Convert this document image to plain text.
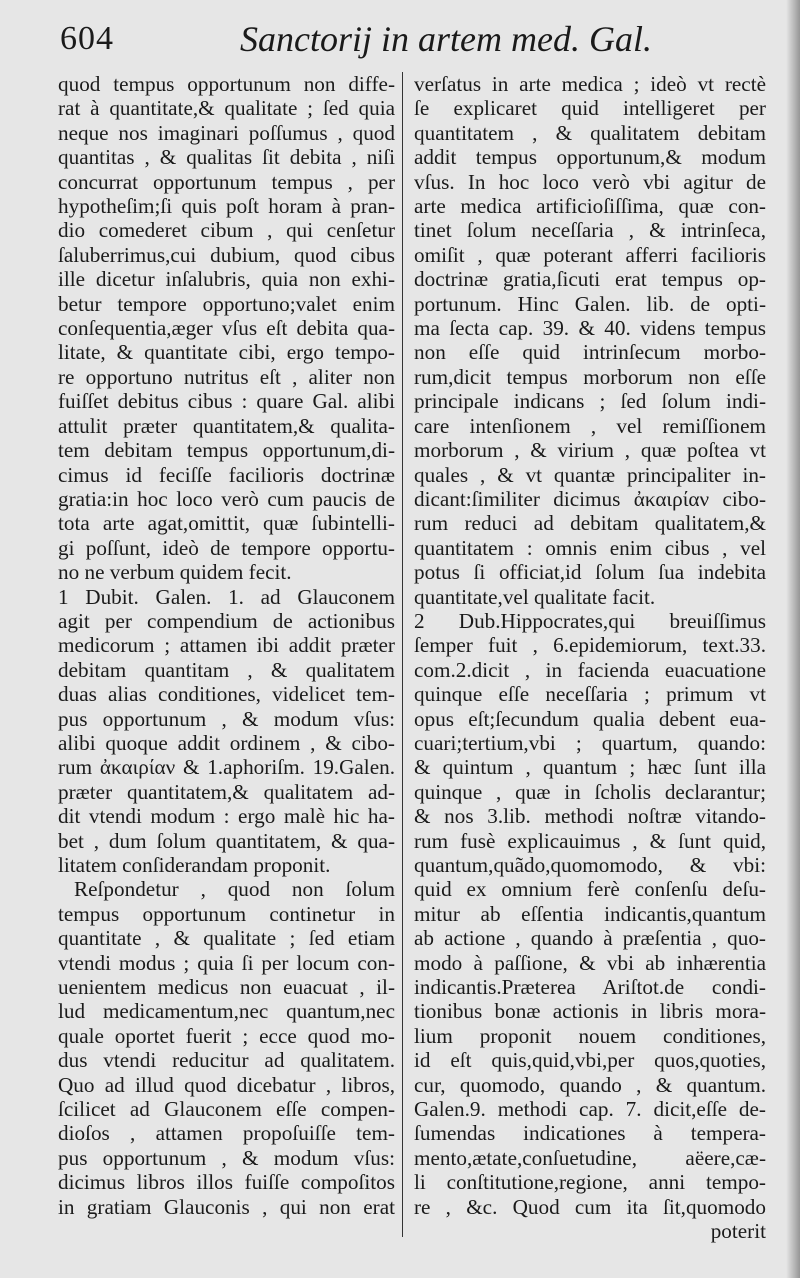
604	Sanctorij in artem med. Gal.
quod tempus opportunum non diffe-
rat à quantitate,& qualitate ; ſed quia
neque nos imaginari poſſumus , quod
quantitas , & qualitas ſit debita , niſi
concurrat opportunum tempus , per
hypotheſim;ſi quis poſt horam à pran-
dio comederet cibum , qui cenſetur
ſaluberrimus,cui dubium, quod cibus
ille dicetur inſalubris, quia non exhi-
betur tempore opportuno;valet enim
conſequentia,æger vſus eſt debita qua-
litate, & quantitate cibi, ergo tempo-
re opportuno nutritus eſt , aliter non
fuiſſet debitus cibus : quare Gal. alibi
attulit præter quantitatem,& qualita-
tem debitam tempus opportunum,di-
cimus id feciſſe facilioris doctrinæ
gratia:in hoc loco verò cum paucis de
tota arte agat,omittit, quæ ſubintelli-
gi poſſunt, ideò de tempore opportu-
no ne verbum quidem fecit.
1 Dubit. Galen. 1. ad Glauconem
agit per compendium de actionibus
medicorum ; attamen ibi addit præter
debitam quantitam , & qualitatem
duas alias conditiones, videlicet tem-
pus opportunum , & modum vſus:
alibi quoque addit ordinem , & cibo-
rum ἀκαιρίαν & 1.aphoriſm. 19.Galen.
præter quantitatem,& qualitatem ad-
dit vtendi modum : ergo malè hic ha-
bet , dum ſolum quantitatem, & qua-
litatem conſiderandam proponit.
Reſpondetur , quod non ſolum
tempus opportunum continetur in
quantitate , & qualitate ; ſed etiam
vtendi modus ; quia ſi per locum con-
uenientem medicus non euacuat , il-
lud medicamentum,nec quantum,nec
quale oportet fuerit ; ecce quod mo-
dus vtendi reducitur ad qualitatem.
Quo ad illud quod dicebatur , libros,
ſcilicet ad Glauconem eſſe compen-
dioſos , attamen propoſuiſſe tem-
pus opportunum , & modum vſus:
dicimus libros illos fuiſſe compoſitos
in gratiam Glauconis , qui non erat
verſatus in arte medica ; ideò vt rectè
ſe explicaret quid intelligeret per
quantitatem , & qualitatem debitam
addit tempus opportunum,& modum
vſus. In hoc loco verò vbi agitur de
arte medica artificioſiſſima, quæ con-
tinet ſolum neceſſaria , & intrinſeca,
omiſit , quæ poterant afferri facilioris
doctrinæ gratia,ſicuti erat tempus op-
portunum. Hinc Galen. lib. de opti-
ma ſecta cap. 39. & 40. videns tempus
non eſſe quid intrinſecum morbo-
rum,dicit tempus morborum non eſſe
principale indicans ; ſed ſolum indi-
care intenſionem , vel remiſſionem
morborum , & virium , quæ poſtea vt
quales , & vt quantæ principaliter in-
dicant:ſimiliter dicimus ἀκαιρίαν cibo-
rum reduci ad debitam qualitatem,&
quantitatem : omnis enim cibus , vel
potus ſi officiat,id ſolum ſua indebita
quantitate,vel qualitate facit.
2 Dub.Hippocrates,qui breuiſſimus
ſemper fuit , 6.epidemiorum, text.33.
com.2.dicit , in facienda euacuatione
quinque eſſe neceſſaria ; primum vt
opus eſt;ſecundum qualia debent eua-
cuari;tertium,vbi ; quartum, quando:
& quintum , quantum ; hæc ſunt illa
quinque , quæ in ſcholis declarantur;
& nos 3.lib. methodi noſtræ vitando-
rum fusè explicauimus , & ſunt quid,
quantum,quãdo,quomomodo, & vbi:
quid ex omnium ferè conſenſu deſu-
mitur ab eſſentia indicantis,quantum
ab actione , quando à præſentia , quo-
modo à paſſione, & vbi ab inhærentia
indicantis.Præterea Ariſtot.de condi-
tionibus bonæ actionis in libris mora-
lium proponit nouem conditiones,
id eſt quis,quid,vbi,per quos,quoties,
cur, quomodo, quando , & quantum.
Galen.9. methodi cap. 7. dicit,eſſe de-
ſumendas indicationes à tempera-
mento,ætate,conſuetudine, aëere,cæ-
li conſtitutione,regione, anni tempo-
re , &c. Quod cum ita ſit,quomodo
poterit
